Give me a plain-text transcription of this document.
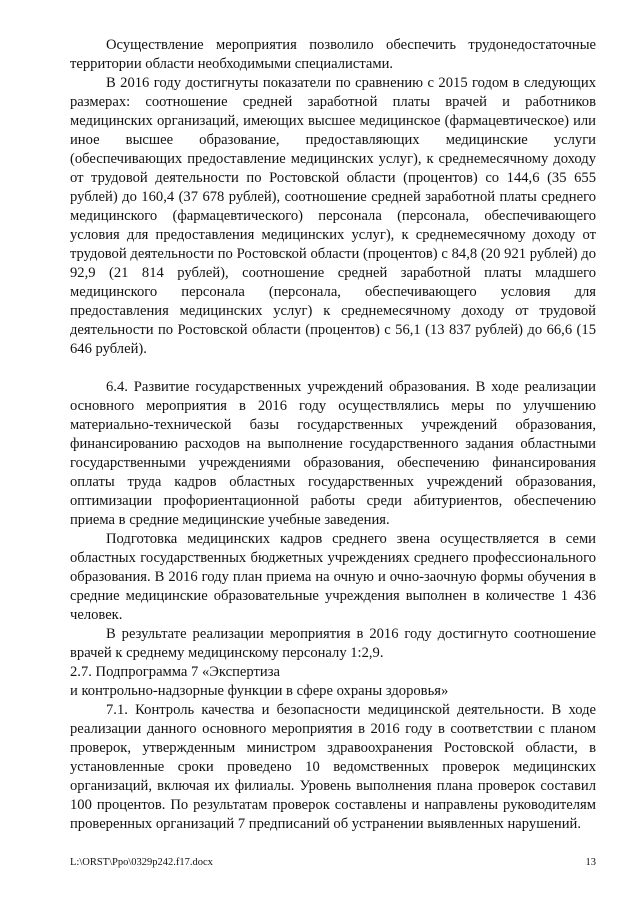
Осуществление мероприятия позволило обеспечить трудонедостаточные территории области необходимыми специалистами.

В 2016 году достигнуты показатели по сравнению с 2015 годом в следующих размерах: соотношение средней заработной платы врачей и работников медицинских организаций, имеющих высшее медицинское (фармацевтическое) или иное высшее образование, предоставляющих медицинские услуги (обеспечивающих предоставление медицинских услуг), к среднемесячному доходу от трудовой деятельности по Ростовской области (процентов) со 144,6 (35 655 рублей) до 160,4 (37 678 рублей), соотношение средней заработной платы среднего медицинского (фармацевтического) персонала (персонала, обеспечивающего условия для предоставления медицинских услуг), к среднемесячному доходу от трудовой деятельности по Ростовской области (процентов) с 84,8 (20 921 рублей) до 92,9 (21 814 рублей), соотношение средней заработной платы младшего медицинского персонала (персонала, обеспечивающего условия для предоставления медицинских услуг) к среднемесячному доходу от трудовой деятельности по Ростовской области (процентов) с 56,1 (13 837 рублей) до 66,6 (15 646 рублей).

6.4. Развитие государственных учреждений образования. В ходе реализации основного мероприятия в 2016 году осуществлялись меры по улучшению материально-технической базы государственных учреждений образования, финансированию расходов на выполнение государственного задания областными государственными учреждениями образования, обеспечению финансирования оплаты труда кадров областных государственных учреждений образования, оптимизации профориентационной работы среди абитуриентов, обеспечению приема в средние медицинские учебные заведения.

Подготовка медицинских кадров среднего звена осуществляется в семи областных государственных бюджетных учреждениях среднего профессионального образования. В 2016 году план приема на очную и очно-заочную формы обучения в средние медицинские образовательные учреждения выполнен в количестве 1 436 человек.

В результате реализации мероприятия в 2016 году достигнуто соотношение врачей к среднему медицинскому персоналу 1:2,9.

2.7. Подпрограмма 7 «Экспертиза
и контрольно-надзорные функции в сфере охраны здоровья»

7.1. Контроль качества и безопасности медицинской деятельности. В ходе реализации данного основного мероприятия в 2016 году в соответствии с планом проверок, утвержденным министром здравоохранения Ростовской области, в установленные сроки проведено 10 ведомственных проверок медицинских организаций, включая их филиалы. Уровень выполнения плана проверок составил 100 процентов. По результатам проверок составлены и направлены руководителям проверенных организаций 7 предписаний об устранении выявленных нарушений.

L:\ORST\Ppo\0329p242.f17.docx	13
